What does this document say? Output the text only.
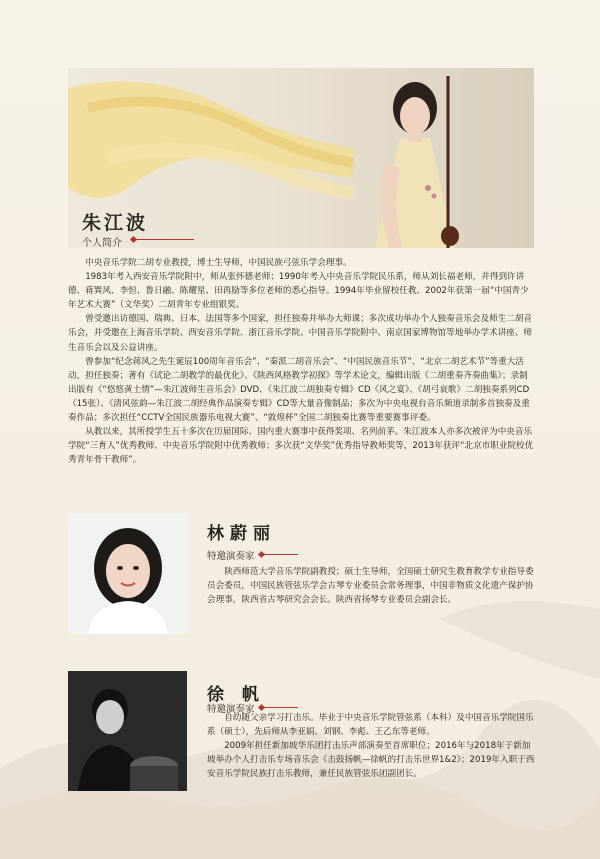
朱江波
个人简介

中央音乐学院二胡专业教授，博士生导师，中国民族弓弦乐学会理事。

1983年考入西安音乐学院附中，师从张怀德老师；1990年考入中央音乐学院民乐系，师从刘长福老师，并得到许讲德、蒋巽风、李恒、鲁日融、陈耀星、田再励等多位老师的悉心指导。1994年毕业留校任教。2002年获第一届“中国青少年艺术大赛”（文华奖）二胡青年专业组银奖。

曾受邀出访德国、瑞典、日本、法国等多个国家，担任独奏并举办大师课；多次成功举办个人独奏音乐会及师生二胡音乐会，并受邀在上海音乐学院、西安音乐学院、浙江音乐学院、中国音乐学院附中、南京国家博物馆等地举办学术讲座、师生音乐会以及公益讲座。

曾参加“纪念蒋风之先生诞辰100周年音乐会”、“秦派二胡音乐会”、“中国民族音乐节”、“北京二胡艺术节”等重大活动，担任独奏；著有《试论二胡教学的最优化》、《陕西风格教学初探》等学术论文，编辑出版《二胡重奏齐奏曲集》；录制出版有《“悠悠黄土情”—朱江波师生音乐会》DVD、《朱江波二胡独奏专辑》CD《风之宴》、《胡弓哀歌》二胡独奏系列CD（15张）、《清风弦韵—朱江波二胡经典作品演奏专辑》CD等大量音像制品；多次为中央电视台音乐频道录制多首独奏及重奏作品；多次担任“CCTV全国民族器乐电视大赛”、“敦煌杯”全国二胡独奏比赛等重要赛事评委。

从教以来，其所授学生五十多次在历届国际、国内重大赛事中获得奖项、名列前茅。朱江波本人亦多次被评为中央音乐学院“三育人”优秀教师、中央音乐学院附中优秀教师；多次获“文华奖”优秀指导教师奖等，2013年获评“北京市职业院校优秀青年骨干教师”。

林蔚丽
特邀演奏家

陕西师范大学音乐学院副教授；硕士生导师，全国硕士研究生教育教学专业指导委员会委员，中国民族管弦乐学会古琴专业委员会常务理事，中国非物质文化遗产保护协会理事，陕西省古琴研究会会长。陕西省扬琴专业委员会副会长。

徐 帆
特邀演奏家

自幼随父亲学习打击乐。毕业于中央音乐学院管弦系（本科）及中国音乐学院国乐系（硕士），先后师从李亚娟、刘钢、李彪、王乙东等老师。

2009年担任新加坡华乐团打击乐声部演奏至首席职位；2016年与2018年于新加坡举办个人打击乐专场音乐会《击鼓扬帆—徐帆的打击乐世界1&2》；2019年入职于西安音乐学院民族打击乐教师，兼任民族管弦乐团副团长。
